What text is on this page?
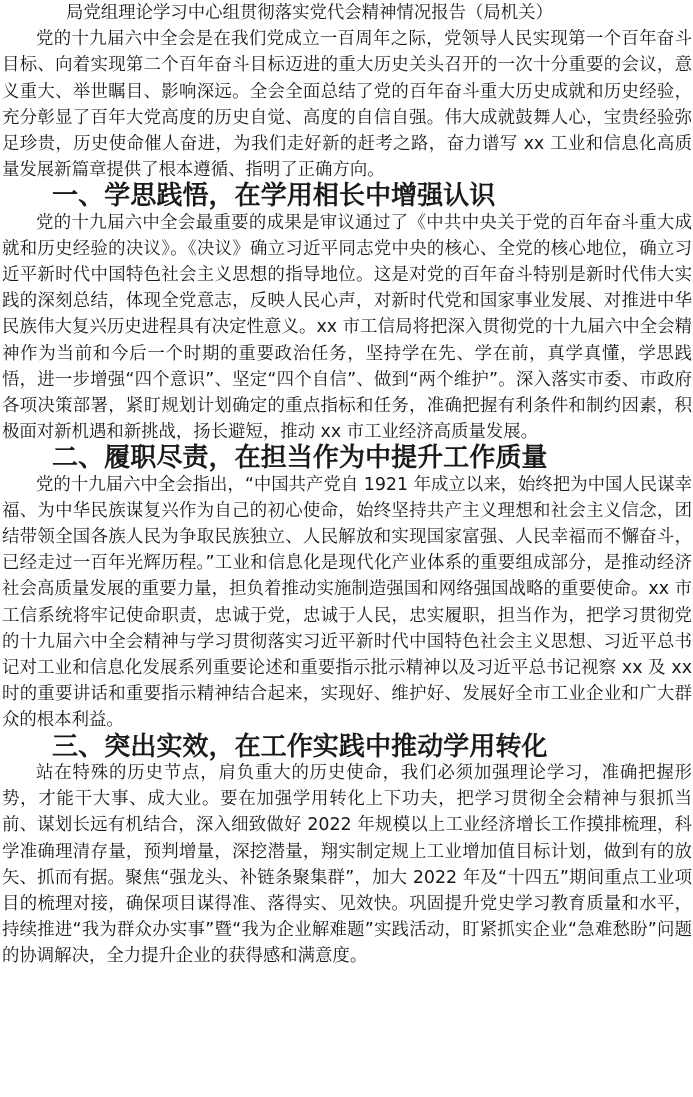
局党组理论学习中心组贯彻落实党代会精神情况报告（局机关）

党的十九届六中全会是在我们党成立一百周年之际，党领导人民实现第一个百年奋斗目标、向着实现第二个百年奋斗目标迈进的重大历史关头召开的一次十分重要的会议，意义重大、举世瞩目、影响深远。全会全面总结了党的百年奋斗重大历史成就和历史经验，充分彰显了百年大党高度的历史自觉、高度的自信自强。伟大成就鼓舞人心，宝贵经验弥足珍贵，历史使命催人奋进，为我们走好新的赶考之路，奋力谱写 xx 工业和信息化高质量发展新篇章提供了根本遵循、指明了正确方向。

一、学思践悟，在学用相长中增强认识

党的十九届六中全会最重要的成果是审议通过了《中共中央关于党的百年奋斗重大成就和历史经验的决议》。《决议》确立习近平同志党中央的核心、全党的核心地位，确立习近平新时代中国特色社会主义思想的指导地位。这是对党的百年奋斗特别是新时代伟大实践的深刻总结，体现全党意志，反映人民心声，对新时代党和国家事业发展、对推进中华民族伟大复兴历史进程具有决定性意义。xx 市工信局将把深入贯彻党的十九届六中全会精神作为当前和今后一个时期的重要政治任务，坚持学在先、学在前，真学真懂，学思践悟，进一步增强“四个意识”、坚定“四个自信”、做到“两个维护”。深入落实市委、市政府各项决策部署，紧盯规划计划确定的重点指标和任务，准确把握有利条件和制约因素，积极面对新机遇和新挑战，扬长避短，推动 xx 市工业经济高质量发展。

二、履职尽责，在担当作为中提升工作质量

党的十九届六中全会指出，“中国共产党自 1921 年成立以来，始终把为中国人民谋幸福、为中华民族谋复兴作为自己的初心使命，始终坚持共产主义理想和社会主义信念，团结带领全国各族人民为争取民族独立、人民解放和实现国家富强、人民幸福而不懈奋斗，已经走过一百年光辉历程。”工业和信息化是现代化产业体系的重要组成部分，是推动经济社会高质量发展的重要力量，担负着推动实施制造强国和网络强国战略的重要使命。xx 市工信系统将牢记使命职责，忠诚于党，忠诚于人民，忠实履职，担当作为，把学习贯彻党的十九届六中全会精神与学习贯彻落实习近平新时代中国特色社会主义思想、习近平总书记对工业和信息化发展系列重要论述和重要指示批示精神以及习近平总书记视察 xx 及 xx 时的重要讲话和重要指示精神结合起来，实现好、维护好、发展好全市工业企业和广大群众的根本利益。

三、突出实效，在工作实践中推动学用转化

站在特殊的历史节点，肩负重大的历史使命，我们必须加强理论学习，准确把握形势，才能干大事、成大业。要在加强学用转化上下功夫，把学习贯彻全会精神与狠抓当前、谋划长远有机结合，深入细致做好 2022 年规模以上工业经济增长工作摸排梳理，科学准确理清存量，预判增量，深挖潜量，翔实制定规上工业增加值目标计划，做到有的放矢、抓而有据。聚焦“强龙头、补链条聚集群”，加大 2022 年及“十四五”期间重点工业项目的梳理对接，确保项目谋得准、落得实、见效快。巩固提升党史学习教育质量和水平，持续推进“我为群众办实事”暨“我为企业解难题”实践活动，盯紧抓实企业“急难愁盼”问题的协调解决，全力提升企业的获得感和满意度。
